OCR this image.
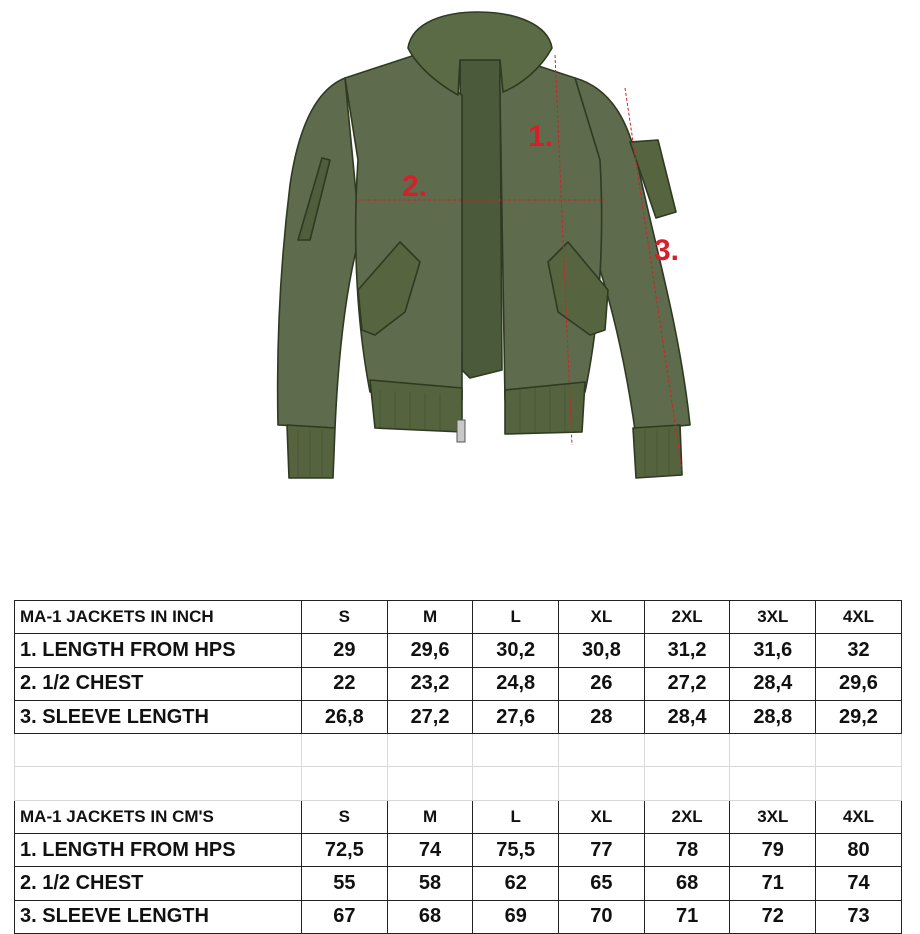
1.
2.
3.
MA-1 JACKETS IN INCH	S	M	L	XL	2XL	3XL	4XL
1. LENGTH FROM HPS	29	29,6	30,2	30,8	31,2	31,6	32
2. 1/2 CHEST	22	23,2	24,8	26	27,2	28,4	29,6
3. SLEEVE LENGTH	26,8	27,2	27,6	28	28,4	28,8	29,2

MA-1 JACKETS IN CM'S	S	M	L	XL	2XL	3XL	4XL
1. LENGTH FROM HPS	72,5	74	75,5	77	78	79	80
2. 1/2 CHEST	55	58	62	65	68	71	74
3. SLEEVE LENGTH	67	68	69	70	71	72	73
